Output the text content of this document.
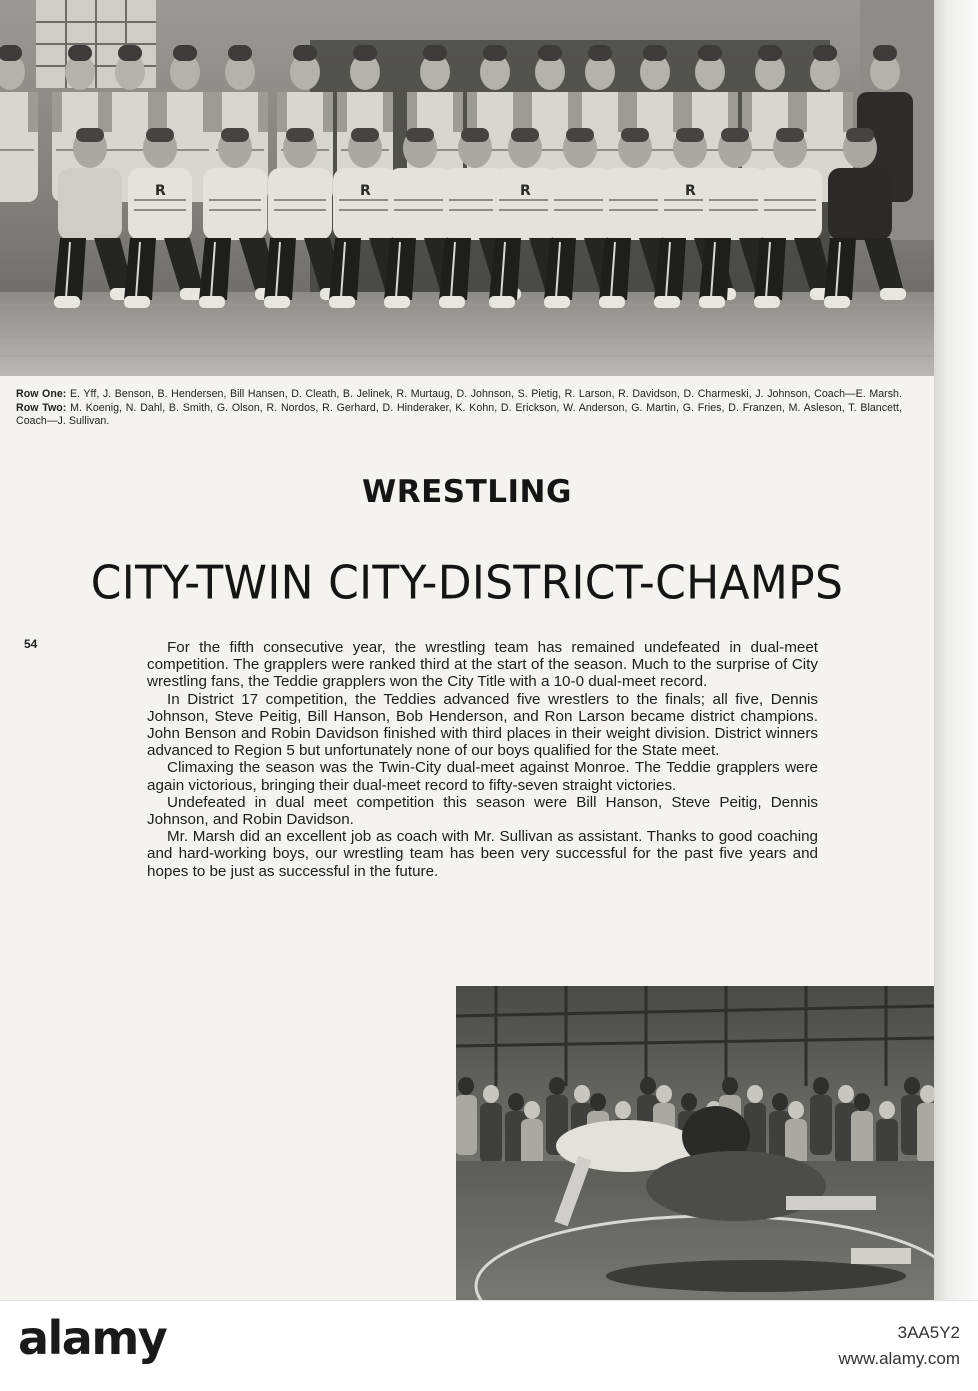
R	R	R	R
Row One: E. Yff, J. Benson, B. Hendersen, Bill Hansen, D. Cleath, B. Jelinek, R. Murtaug, D. Johnson, S. Pietig, R. Larson, R. Davidson, D. Charmeski, J. Johnson, Coach—E. Marsh. Row Two: M. Koenig, N. Dahl, B. Smith, G. Olson, R. Nordos, R. Gerhard, D. Hinderaker, K. Kohn, D. Erickson, W. Anderson, G. Martin, G. Fries, D. Franzen, M. Asleson, T. Blancett, Coach—J. Sullivan.
WRESTLING
CITY-TWIN CITY-DISTRICT-CHAMPS
54	For the fifth consecutive year, the wrestling team has remained undefeated in dual-meet competition. The grapplers were ranked third at the start of the season. Much to the surprise of City wrestling fans, the Teddie grapplers won the City Title with a 10-0 dual-meet record.

In District 17 competition, the Teddies advanced five wrestlers to the finals; all five, Dennis Johnson, Steve Peitig, Bill Hanson, Bob Henderson, and Ron Larson became district champions. John Benson and Robin Davidson finished with third places in their weight division. District winners advanced to Region 5 but unfortunately none of our boys qualified for the State meet.

Climaxing the season was the Twin-City dual-meet against Monroe. The Teddie grapplers were again victorious, bringing their dual-meet record to fifty-seven straight victories.

Undefeated in dual meet competition this season were Bill Hanson, Steve Peitig, Dennis Johnson, and Robin Davidson.

Mr. Marsh did an excellent job as coach with Mr. Sullivan as assistant. Thanks to good coaching and hard-working boys, our wrestling team has been very successful for the past five years and hopes to be just as successful in the future.

alamy	3AA5Y2
www.alamy.com
